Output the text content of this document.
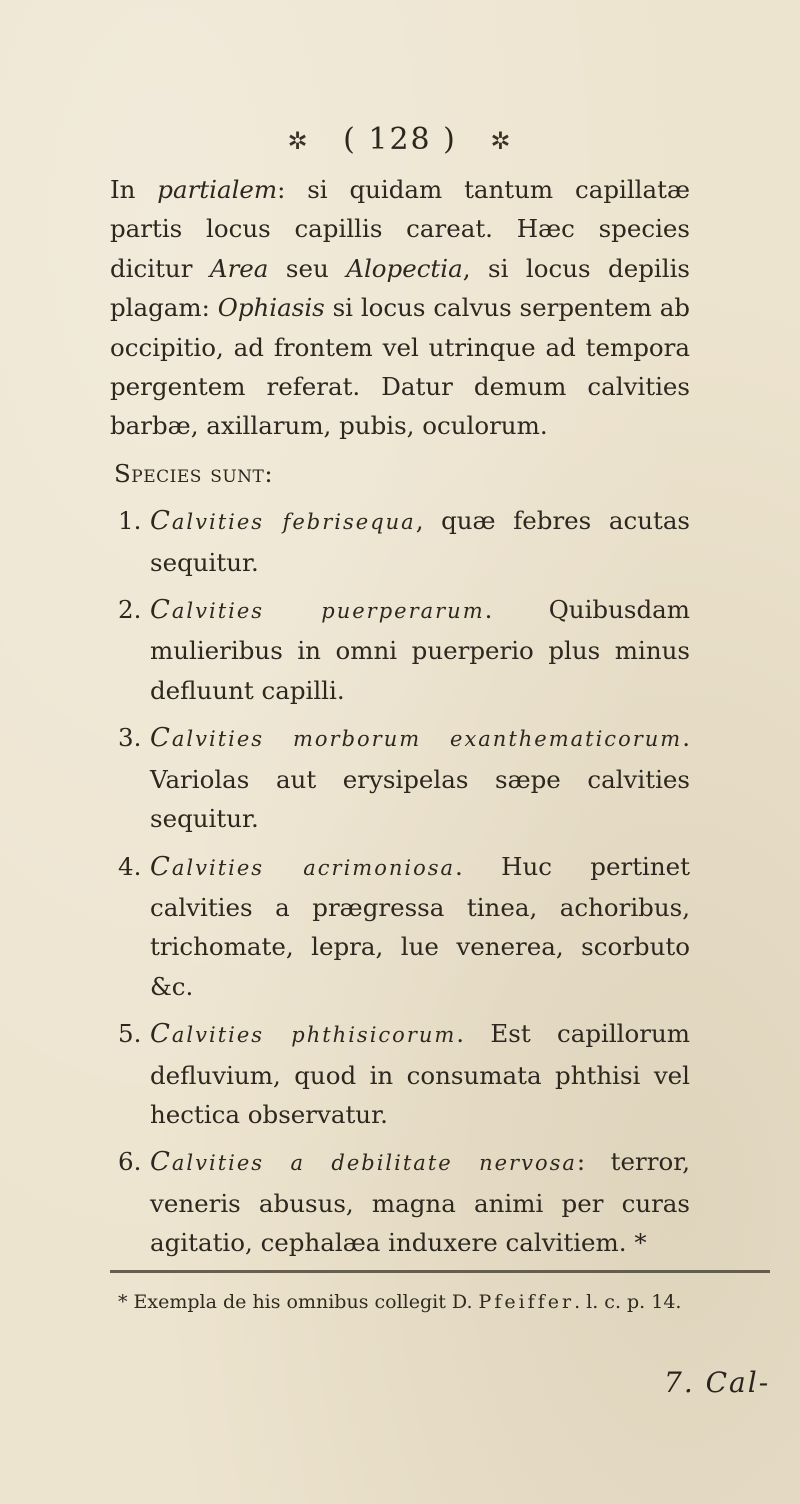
✲ ( 128 ) ✲

In partialem: si quidam tantum capillatæ partis locus capillis careat. Hæc species dicitur Area seu Alopectia, si locus depilis plagam: Ophiasis si locus calvus serpentem ab occipitio, ad frontem vel utrinque ad tempora pergentem referat. Datur demum calvities barbæ, axillarum, pubis, oculorum.

Species sunt:

1. Calvities febrisequa, quæ febres acutas sequitur.
2. Calvities puerperarum. Quibusdam mulieribus in omni puerperio plus minus defluunt capilli.
3. Calvities morborum exanthematicorum. Variolas aut erysipelas sæpe calvities sequitur.
4. Calvities acrimoniosa. Huc pertinet calvities a prægressa tinea, achoribus, trichomate, lepra, lue venerea, scorbuto &c.
5. Calvities phthisicorum. Est capillorum defluvium, quod in consumata phthisi vel hectica observatur.
6. Calvities a debilitate nervosa: terror, veneris abusus, magna animi per curas agitatio, cephalæa induxere calvitiem. *
* Exempla de his omnibus collegit D. Pfeiffer. l. c. p. 14.
7. Cal-
